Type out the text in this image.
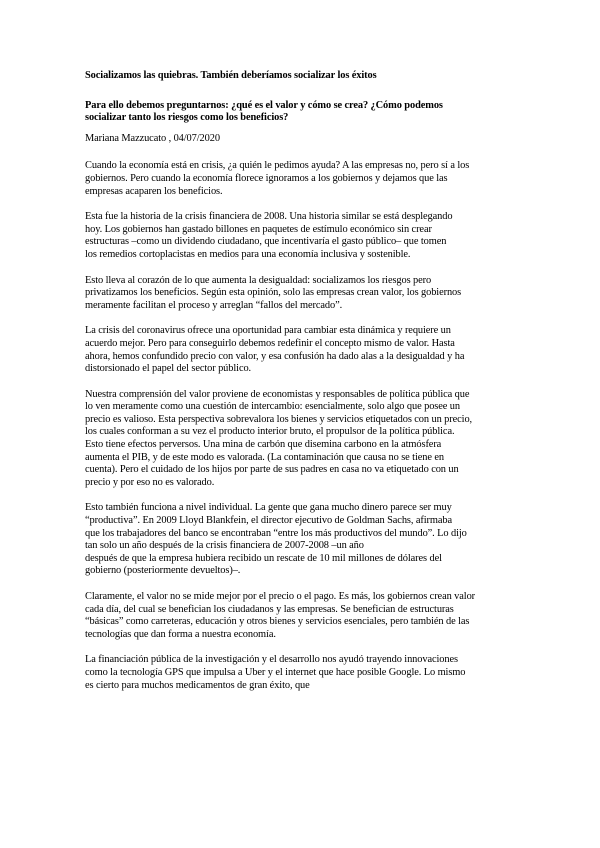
Socializamos las quiebras. También deberíamos socializar los éxitos
Para ello debemos preguntarnos: ¿qué es el valor y cómo se crea? ¿Cómo podemos
socializar tanto los riesgos como los beneficios?
Mariana Mazzucato , 04/07/2020
Cuando la economía está en crisis, ¿a quién le pedimos ayuda? A las empresas no, pero sí a los
gobiernos. Pero cuando la economía florece ignoramos a los gobiernos y dejamos que las
empresas acaparen los beneficios.
Esta fue la historia de la crisis financiera de 2008. Una historia similar se está desplegando
hoy. Los gobiernos han gastado billones en paquetes de estímulo económico sin crear
estructuras –como un dividendo ciudadano, que incentivaría el gasto público– que tomen
los remedios cortoplacistas en medios para una economía inclusiva y sostenible.
Esto lleva al corazón de lo que aumenta la desigualdad: socializamos los riesgos pero
privatizamos los beneficios. Según esta opinión, solo las empresas crean valor, los gobiernos
meramente facilitan el proceso y arreglan “fallos del mercado”.
La crisis del coronavirus ofrece una oportunidad para cambiar esta dinámica y requiere un
acuerdo mejor. Pero para conseguirlo debemos redefinir el concepto mismo de valor. Hasta
ahora, hemos confundido precio con valor, y esa confusión ha dado alas a la desigualdad y ha
distorsionado el papel del sector público.
Nuestra comprensión del valor proviene de economistas y responsables de política pública que
lo ven meramente como una cuestión de intercambio: esencialmente, solo algo que posee un
precio es valioso. Esta perspectiva sobrevalora los bienes y servicios etiquetados con un precio,
los cuales conforman a su vez el producto interior bruto, el propulsor de la política pública.
Esto tiene efectos perversos. Una mina de carbón que disemina carbono en la atmósfera
aumenta el PIB, y de este modo es valorada. (La contaminación que causa no se tiene en
cuenta). Pero el cuidado de los hijos por parte de sus padres en casa no va etiquetado con un
precio y por eso no es valorado.
Esto también funciona a nivel individual. La gente que gana mucho dinero parece ser muy
“productiva”. En 2009 Lloyd Blankfein, el director ejecutivo de Goldman Sachs, afirmaba
que los trabajadores del banco se encontraban “entre los más productivos del mundo”. Lo dijo
tan solo un año después de la crisis financiera de 2007-2008 –un año
después de que la empresa hubiera recibido un rescate de 10 mil millones de dólares del
gobierno (posteriormente devueltos)–.
Claramente, el valor no se mide mejor por el precio o el pago. Es más, los gobiernos crean valor
cada día, del cual se benefician los ciudadanos y las empresas. Se benefician de estructuras
“básicas” como carreteras, educación y otros bienes y servicios esenciales, pero también de las
tecnologías que dan forma a nuestra economía.
La financiación pública de la investigación y el desarrollo nos ayudó trayendo innovaciones
como la tecnología GPS que impulsa a Uber y el internet que hace posible Google. Lo mismo
es cierto para muchos medicamentos de gran éxito, que
